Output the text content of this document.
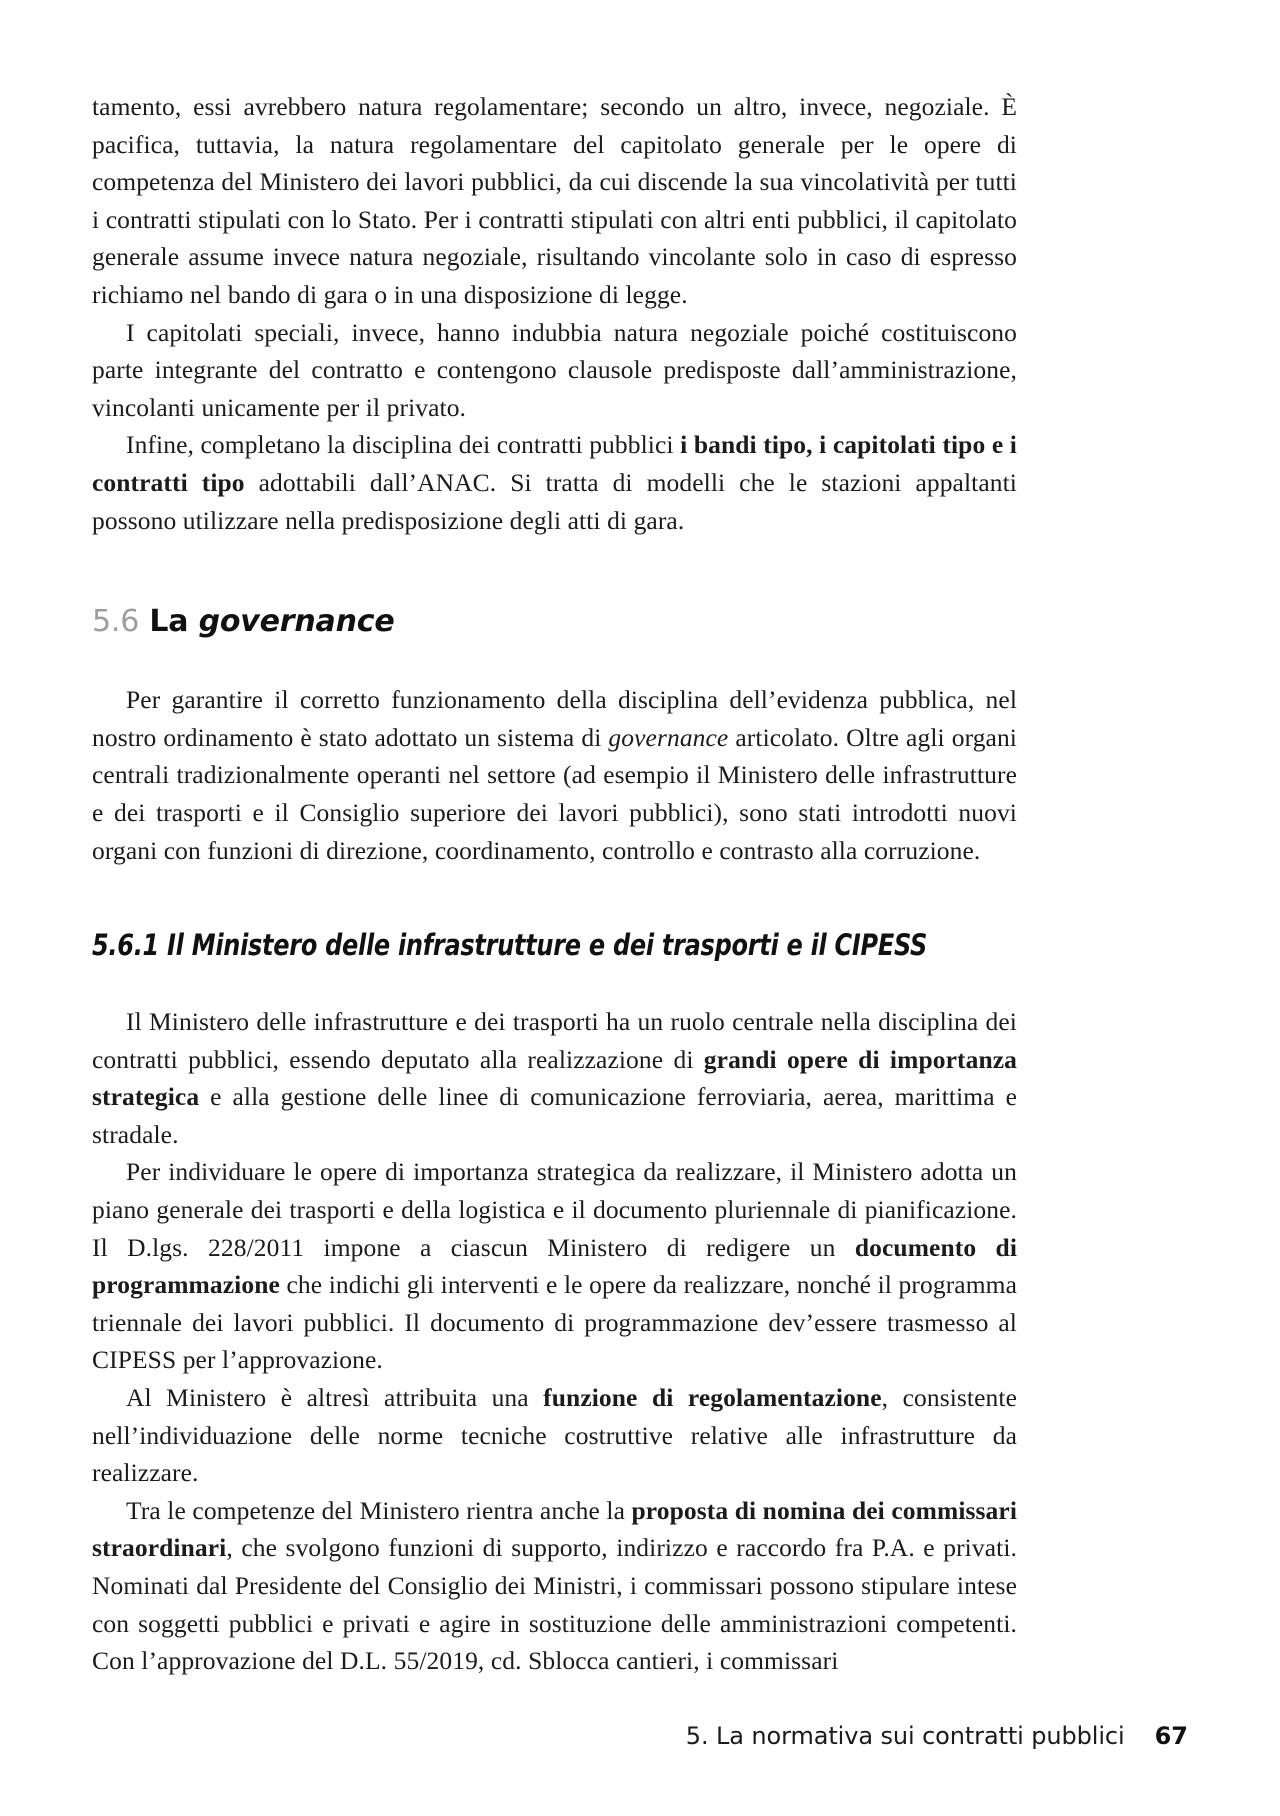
tamento, essi avrebbero natura regolamentare; secondo un altro, invece, negoziale. È pacifica, tuttavia, la natura regolamentare del capitolato generale per le opere di competenza del Ministero dei lavori pubblici, da cui discende la sua vincolatività per tutti i contratti stipulati con lo Stato. Per i contratti stipulati con altri enti pubblici, il capitolato generale assume invece natura negoziale, risultando vincolante solo in caso di espresso richiamo nel bando di gara o in una disposizione di legge.

I capitolati speciali, invece, hanno indubbia natura negoziale poiché costituiscono parte integrante del contratto e contengono clausole predisposte dall’amministrazione, vincolanti unicamente per il privato.

Infine, completano la disciplina dei contratti pubblici i bandi tipo, i capitolati tipo e i contratti tipo adottabili dall’ANAC. Si tratta di modelli che le stazioni appaltanti possono utilizzare nella predisposizione degli atti di gara.

5.6 La governance

Per garantire il corretto funzionamento della disciplina dell’evidenza pubblica, nel nostro ordinamento è stato adottato un sistema di governance articolato. Oltre agli organi centrali tradizionalmente operanti nel settore (ad esempio il Ministero delle infrastrutture e dei trasporti e il Consiglio superiore dei lavori pubblici), sono stati introdotti nuovi organi con funzioni di direzione, coordinamento, controllo e contrasto alla corruzione.

5.6.1 Il Ministero delle infrastrutture e dei trasporti e il CIPESS

Il Ministero delle infrastrutture e dei trasporti ha un ruolo centrale nella disciplina dei contratti pubblici, essendo deputato alla realizzazione di grandi opere di importanza strategica e alla gestione delle linee di comunicazione ferroviaria, aerea, marittima e stradale.

Per individuare le opere di importanza strategica da realizzare, il Ministero adotta un piano generale dei trasporti e della logistica e il documento pluriennale di pianificazione. Il D.lgs. 228/2011 impone a ciascun Ministero di redigere un documento di programmazione che indichi gli interventi e le opere da realizzare, nonché il programma triennale dei lavori pubblici. Il documento di programmazione dev’essere trasmesso al CIPESS per l’approvazione.

Al Ministero è altresì attribuita una funzione di regolamentazione, consistente nell’individuazione delle norme tecniche costruttive relative alle infrastrutture da realizzare.

Tra le competenze del Ministero rientra anche la proposta di nomina dei commissari straordinari, che svolgono funzioni di supporto, indirizzo e raccordo fra P.A. e privati. Nominati dal Presidente del Consiglio dei Ministri, i commissari possono stipulare intese con soggetti pubblici e privati e agire in sostituzione delle amministrazioni competenti. Con l’approvazione del D.L. 55/2019, cd. Sblocca cantieri, i commissari

5. La normativa sui contratti pubblici 67
